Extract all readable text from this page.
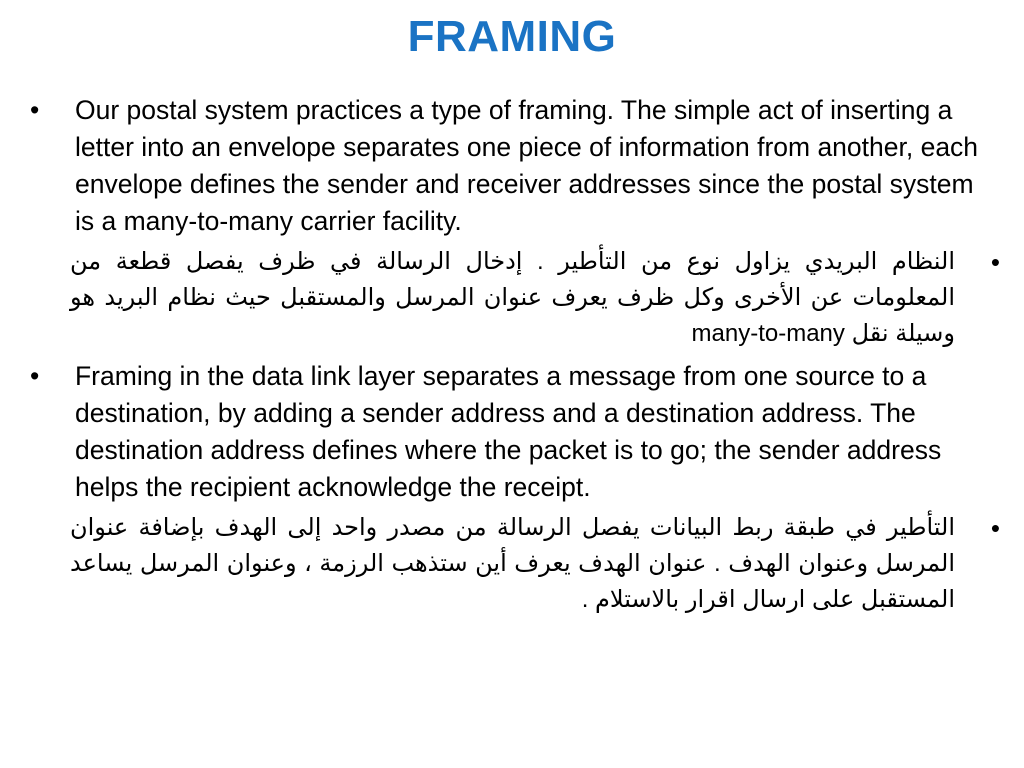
FRAMING
• Our postal system practices a type of framing. The simple act of inserting a letter into an envelope separates one piece of information from another, each envelope defines the sender and receiver addresses since the postal system is a many-to-many carrier facility.
•
النظام البريدي يزاول نوع من التأطير . إدخال الرسالة في ظرف يفصل قطعة من المعلومات عن الأخرى وكل ظرف يعرف عنوان المرسل والمستقبل حيث نظام البريد هو وسيلة نقل many-to-many
• Framing in the data link layer separates a message from one source to a destination, by adding a sender address and a destination address. The destination address defines where the packet is to go; the sender address helps the recipient acknowledge the receipt.
•
التأطير في طبقة ربط البيانات يفصل الرسالة من مصدر واحد إلى الهدف بإضافة عنوان المرسل وعنوان الهدف . عنوان الهدف يعرف أين ستذهب الرزمة ، وعنوان المرسل يساعد المستقبل على ارسال اقرار بالاستلام .
